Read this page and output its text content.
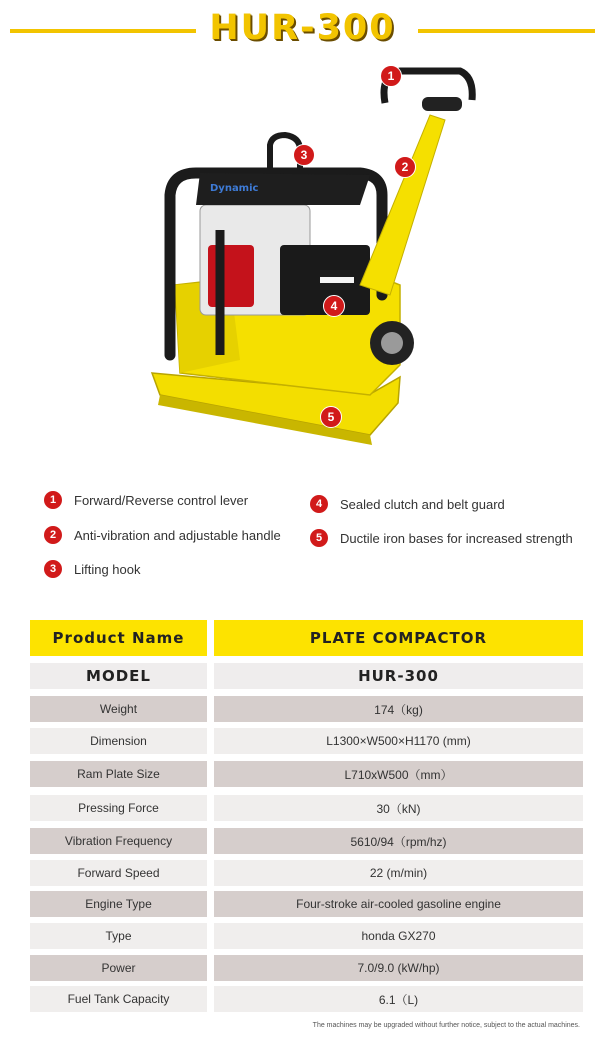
HUR-300
Dynamic
1
2
3
4
5
1	Forward/Reverse control lever
2	Anti-vibration and adjustable handle
3	Lifting hook
4	Sealed clutch and belt guard
5	Ductile iron bases for increased strength
Product Name	PLATE COMPACTOR
MODEL	HUR-300
Weight	174（kg)
Dimension	L1300×W500×H1170 (mm)
Ram Plate Size	L710xW500（mm）
Pressing Force	30（kN)
Vibration Frequency	5610/94（rpm/hz)
Forward Speed	22 (m/min)
Engine Type	Four-stroke air-cooled gasoline engine
Type	honda GX270
Power	7.0/9.0 (kW/hp)
Fuel Tank Capacity	6.1（L)
The machines may be upgraded without further notice, subject to the actual machines.
